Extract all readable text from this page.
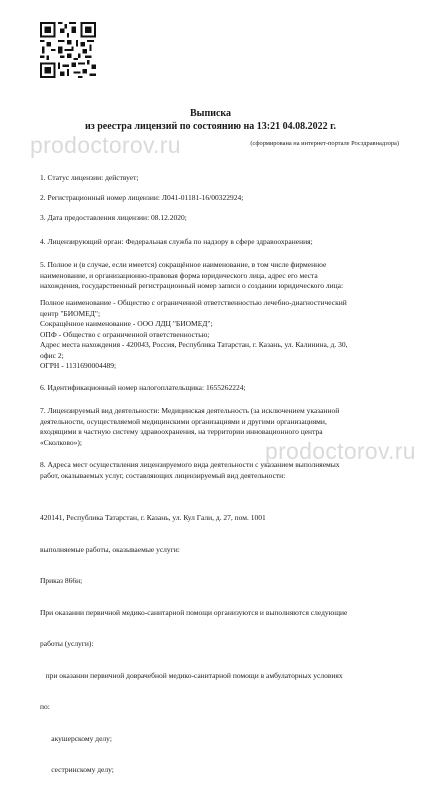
Выписка
из реестра лицензий по состоянию на 13:21 04.08.2022 г.
(сформирована на интернет-портале Росздравнадзора)
prodoctorov.ru
prodoctorov.ru
1. Статус лицензии: действует;
2. Регистрационный номер лицензии: Л041-01181-16/00322924;
3. Дата предоставления лицензии: 08.12.2020;
4. Лицензирующий орган: Федеральная служба по надзору в сфере здравоохранения;
5. Полное и (в случае, если имеется) сокращённое наименование, в том числе фирменное
наименование, и организационно-правовая форма юридического лица, адрес его места
нахождения, государственный регистрационный номер записи о создании юридического лица:
Полное наименование - Общество с ограниченной ответственностью лечебно-диагностический
центр "БИОМЕД";
Сокращённое наименование - ООО ЛДЦ "БИОМЕД";
ОПФ - Общество с ограниченной ответственностью;
Адрес места нахождения - 420043, Россия, Республика Татарстан, г. Казань, ул. Калинина, д. 30,
офис 2;
ОГРН - 1131690004489;
6. Идентификационный номер налогоплательщика: 1655262224;
7. Лицензируемый вид деятельности: Медицинская деятельность (за исключением указанной
деятельности, осуществляемой медицинскими организациями и другими организациями,
входящими в частную систему здравоохранения, на территории инновационного центра
«Сколково»);
8. Адреса мест осуществления лицензируемого вида деятельности с указанием выполняемых
работ, оказываемых услуг, составляющих лицензируемый вид деятельности:

420141, Республика Татарстан, г. Казань, ул. Кул Гали, д. 27, пом. 1001

выполняемые работы, оказываемые услуги:

Приказ 866н;

При оказании первичной медико-санитарной помощи организуются и выполняются следующие

работы (услуги):

при оказании первичной доврачебной медико-санитарной помощи в амбулаторных условиях

по:

акушерскому делу;

сестринскому делу;
